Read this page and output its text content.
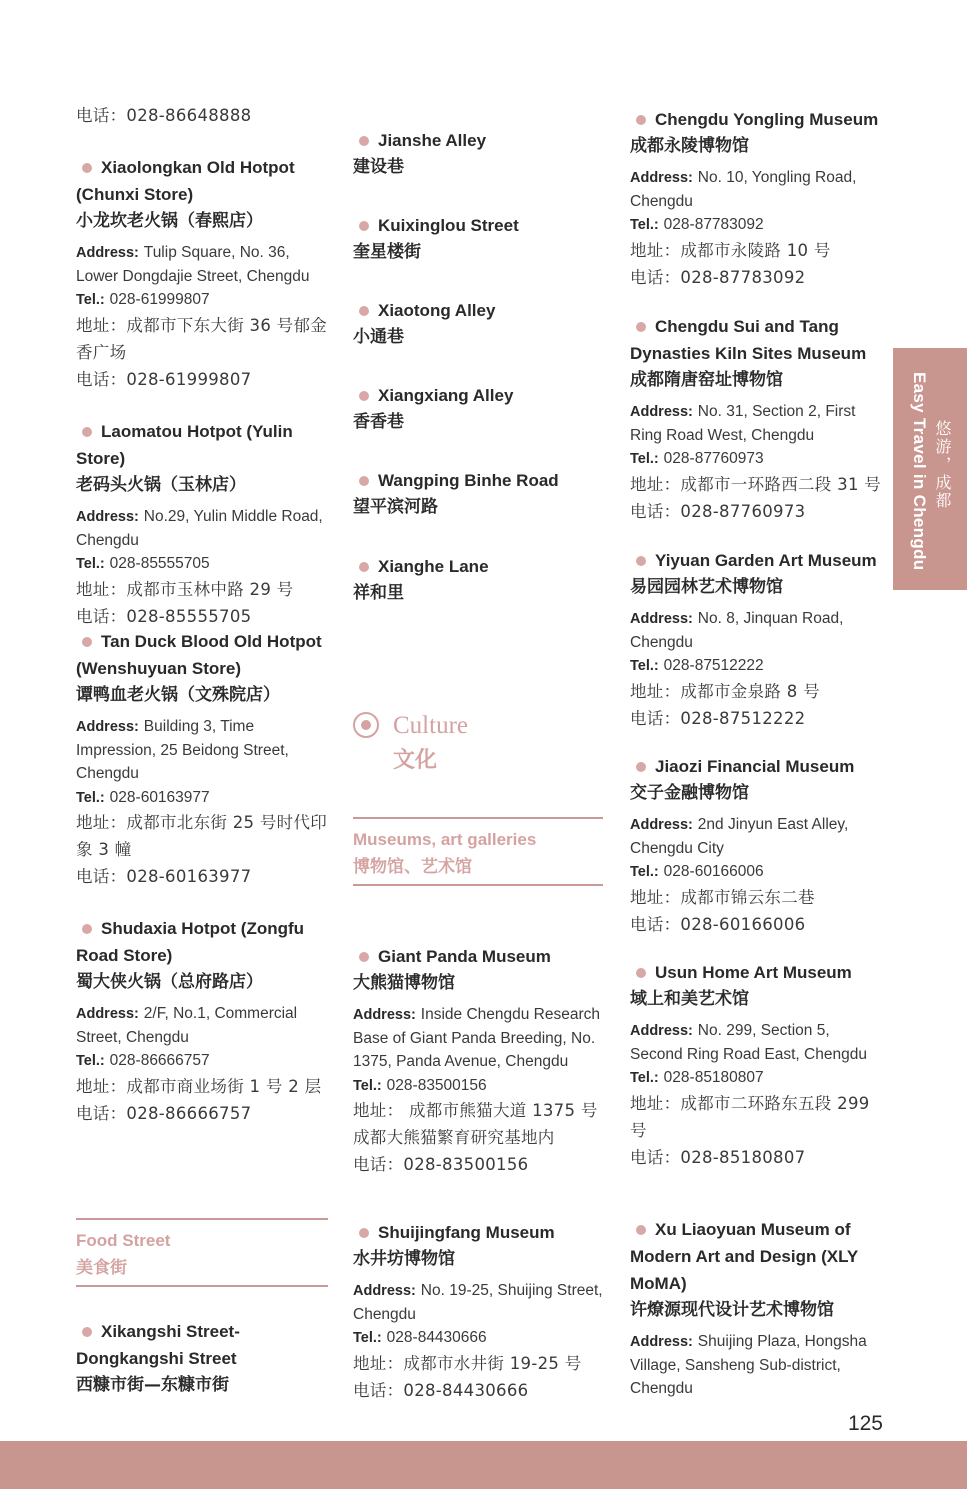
电话：028-86648888
Xiaolongkan Old Hotpot (Chunxi Store)
小龙坎老火锅（春熙店）
Address: Tulip Square, No. 36, Lower Dongdajie Street, Chengdu
Tel.: 028-61999807
地址：成都市下东大街 36 号郁金香广场
电话：028-61999807
Laomatou Hotpot (Yulin Store)
老码头火锅（玉林店）
Address: No.29, Yulin Middle Road, Chengdu
Tel.: 028-85555705
地址：成都市玉林中路 29 号
电话：028-85555705
Tan Duck Blood Old Hotpot (Wenshuyuan Store)
谭鸭血老火锅（文殊院店）
Address: Building 3, Time Impression, 25 Beidong Street, Chengdu
Tel.: 028-60163977
地址：成都市北东街 25 号时代印象 3 幢
电话：028-60163977
Shudaxia Hotpot (Zongfu Road Store)
蜀大侠火锅（总府路店）
Address: 2/F, No.1, Commercial Street, Chengdu
Tel.: 028-86666757
地址：成都市商业场街 1 号 2 层
电话：028-86666757
Food Street
美食街
Xikangshi Street-Dongkangshi Street
西糠市街—东糠市街
Jianshe Alley
建设巷
Kuixinglou Street
奎星楼街
Xiaotong Alley
小通巷
Xiangxiang Alley
香香巷
Wangping Binhe Road
望平滨河路
Xianghe Lane
祥和里
Culture
文化
Museums, art galleries
博物馆、艺术馆
Giant Panda Museum
大熊猫博物馆
Address: Inside Chengdu Research Base of Giant Panda Breeding, No. 1375, Panda Avenue, Chengdu
Tel.: 028-83500156
地址： 成都市熊猫大道 1375 号成都大熊猫繁育研究基地内
电话：028-83500156
Shuijingfang Museum
水井坊博物馆
Address: No. 19-25, Shuijing Street, Chengdu
Tel.: 028-84430666
地址：成都市水井街 19-25 号
电话：028-84430666
Chengdu Yongling Museum
成都永陵博物馆
Address: No. 10, Yongling Road, Chengdu
Tel.: 028-87783092
地址：成都市永陵路 10 号
电话：028-87783092
Chengdu Sui and Tang Dynasties Kiln Sites Museum
成都隋唐窑址博物馆
Address: No. 31, Section 2, First Ring Road West, Chengdu
Tel.: 028-87760973
地址：成都市一环路西二段 31 号
电话：028-87760973
Yiyuan Garden Art Museum
易园园林艺术博物馆
Address: No. 8, Jinquan Road, Chengdu
Tel.: 028-87512222
地址：成都市金泉路 8 号
电话：028-87512222
Jiaozi Financial Museum
交子金融博物馆
Address: 2nd Jinyun East Alley, Chengdu City
Tel.: 028-60166006
地址：成都市锦云东二巷
电话：028-60166006
Usun Home Art Museum
域上和美艺术馆
Address: No. 299, Section 5, Second Ring Road East, Chengdu
Tel.: 028-85180807
地址：成都市二环路东五段 299 号
电话：028-85180807
Xu Liaoyuan Museum of Modern Art and Design (XLY MoMA)
许燎源现代设计艺术博物馆
Address: Shuijing Plaza, Hongsha Village, Sansheng Sub-district, Chengdu
Easy Travel in Chengdu 悠游，成都
125
